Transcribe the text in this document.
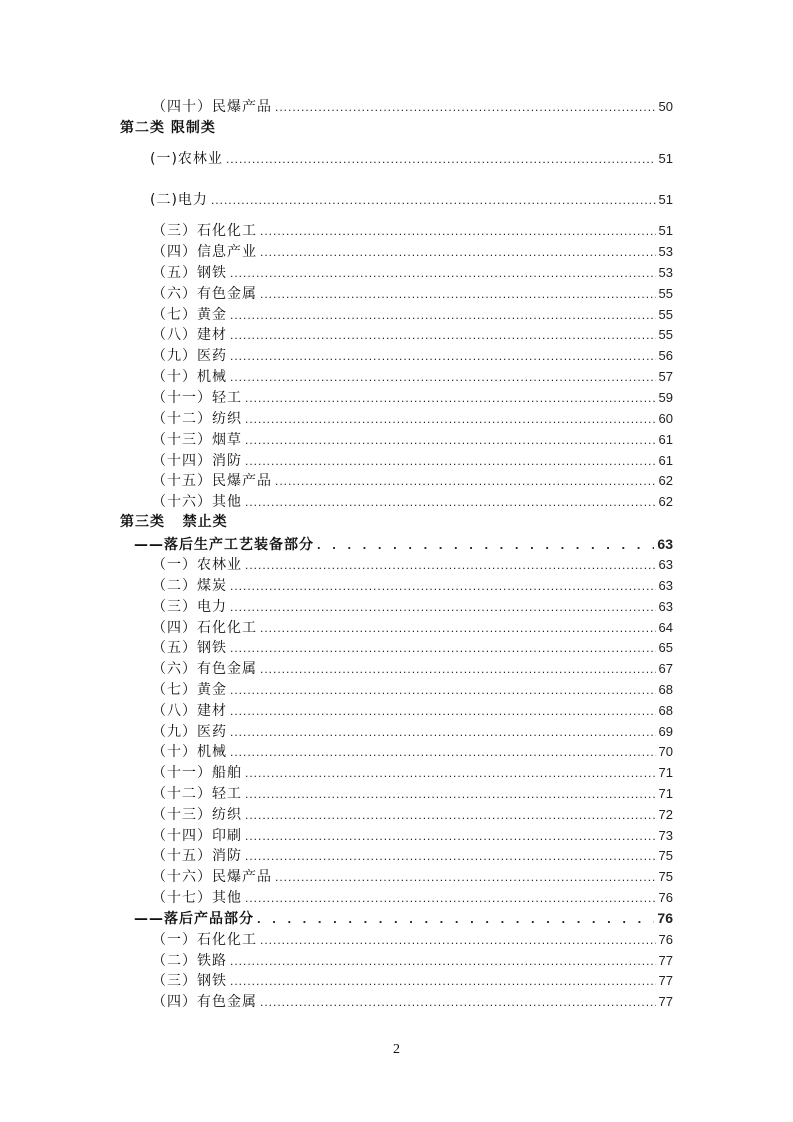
（四十）民爆产品 .....	50
第二类 限制类
(一)农林业 .....	51
(二)电力 .....	51
（三）石化化工 .....	51
（四）信息产业 .....	53
（五）钢铁 .....	53
（六）有色金属 .....	55
（七）黄金 .....	55
（八）建材 .....	55
（九）医药 .....	56
（十）机械 .....	57
（十一）轻工 .....	59
（十二）纺织 .....	60
（十三）烟草 .....	61
（十四）消防 .....	61
（十五）民爆产品 .....	62
（十六）其他 .....	62
第三类   禁止类
——落后生产工艺装备部分 . . .	63
（一）农林业 .....	63
（二）煤炭 .....	63
（三）电力 .....	63
（四）石化化工 .....	64
（五）钢铁 .....	65
（六）有色金属 .....	67
（七）黄金 .....	68
（八）建材 .....	68
（九）医药 .....	69
（十）机械 .....	70
（十一）船舶 .....	71
（十二）轻工 .....	71
（十三）纺织 .....	72
（十四）印刷 .....	73
（十五）消防 .....	75
（十六）民爆产品 .....	75
（十七）其他 .....	76
——落后产品部分 . . .	76
（一）石化化工 .....	76
（二）铁路 .....	77
（三）钢铁 .....	77
（四）有色金属 .....	77
2
